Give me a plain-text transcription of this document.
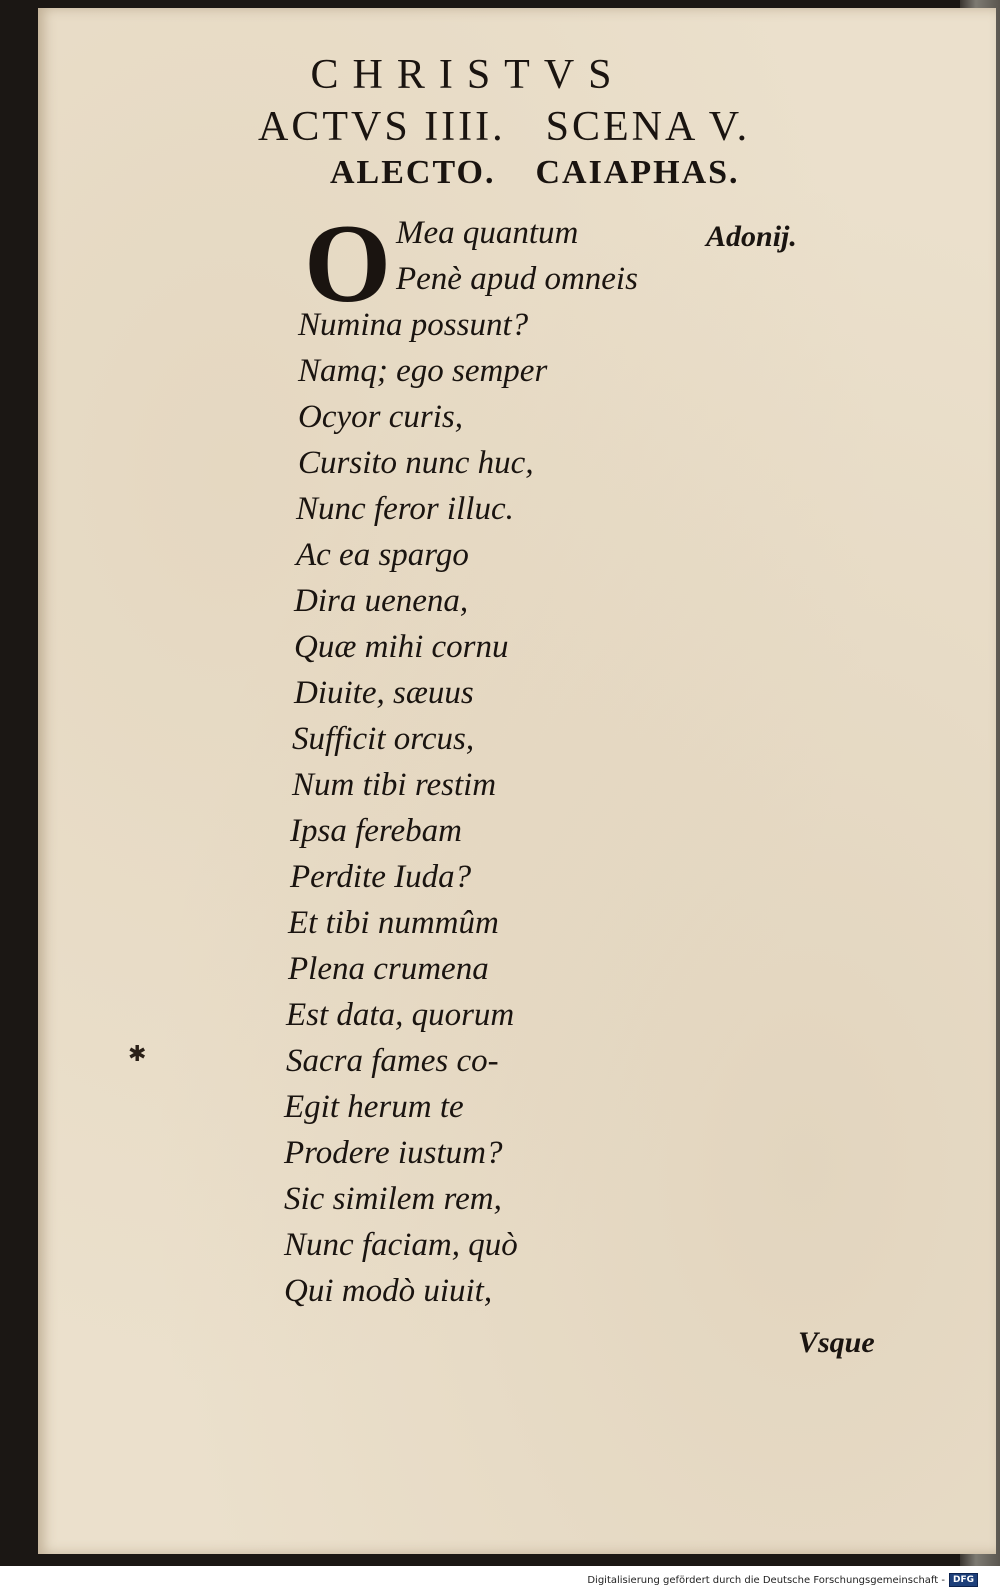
CHRISTVS
ACTVS IIII. SCENA V.
ALECTO. CAIAPHAS.
O Mea quantum
Penè apud omneis
Numina possunt?
Namq; ego semper
Ocyor curis,
Cursito nunc huc,
Nunc feror illuc.
Ac ea spargo
Dira uenena,
Quæ mihi cornu
Diuite, sæuus
Sufficit orcus,
Num tibi restim
Ipsa ferebam
Perdite Iuda?
Et tibi nummûm
Plena crumena
Est data, quorum
Sacra fames co-
Egit herum te
Prodere iustum?
Sic similem rem,
Nunc faciam, quò
Qui modò uiuit,
Adonij.
✱
Vsque
Digitalisierung gefördert durch die Deutsche Forschungsgemeinschaft - DFG
